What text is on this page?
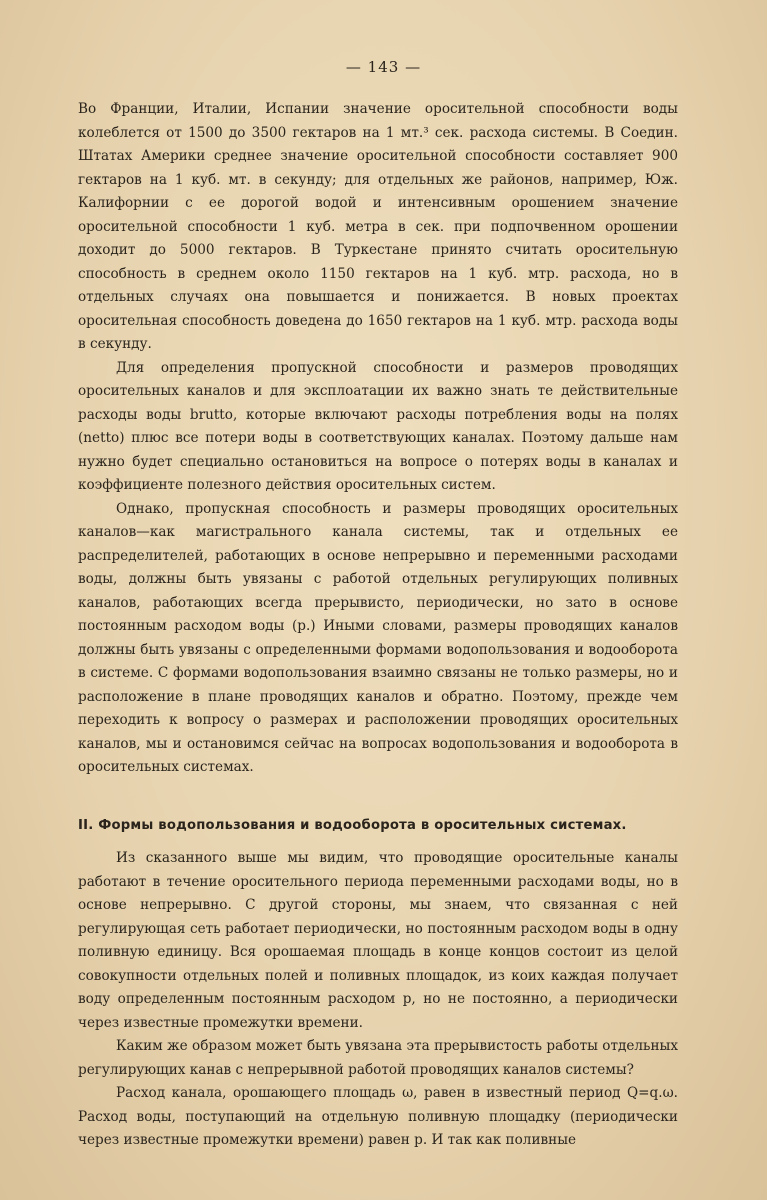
— 143 —

Во Франции, Италии, Испании значение оросительной способности воды колеблется от 1500 до 3500 гектаров на 1 мт.³ сек. расхода системы. В Соедин. Штатах Америки среднее значение оросительной способности составляет 900 гектаров на 1 куб. мт. в секунду; для отдельных же районов, например, Юж. Калифорнии с ее дорогой водой и интенсивным орошением значение оросительной способности 1 куб. метра в сек. при подпочвенном орошении доходит до 5000 гектаров. В Туркестане принято считать оросительную способность в среднем около 1150 гектаров на 1 куб. мтр. расхода, но в отдельных случаях она повышается и понижается. В новых проектах оросительная способность доведена до 1650 гектаров на 1 куб. мтр. расхода воды в секунду.

Для определения пропускной способности и размеров проводящих оросительных каналов и для эксплоатации их важно знать те действительные расходы воды brutto, которые включают расходы потребления воды на полях (netto) плюс все потери воды в соответствующих каналах. Поэтому дальше нам нужно будет специально остановиться на вопросе о потерях воды в каналах и коэффициенте полезного действия оросительных систем.

Однако, пропускная способность и размеры проводящих оросительных каналов—как магистрального канала системы, так и отдельных ее распределителей, работающих в основе непрерывно и переменными расходами воды, должны быть увязаны с работой отдельных регулирующих поливных каналов, работающих всегда прерывисто, периодически, но зато в основе постоянным расходом воды (p.) Иными словами, размеры проводящих каналов должны быть увязаны с определенными формами водопользования и водооборота в системе. С формами водопользования взаимно связаны не только размеры, но и расположение в плане проводящих каналов и обратно. Поэтому, прежде чем переходить к вопросу о размерах и расположении проводящих оросительных каналов, мы и остановимся сейчас на вопросах водопользования и водооборота в оросительных системах.

II. Формы водопользования и водооборота в оросительных системах.

Из сказанного выше мы видим, что проводящие оросительные каналы работают в течение оросительного периода переменными расходами воды, но в основе непрерывно. С другой стороны, мы знаем, что связанная с ней регулирующая сеть работает периодически, но постоянным расходом воды в одну поливную единицу. Вся орошаемая площадь в конце концов состоит из целой совокупности отдельных полей и поливных площадок, из коих каждая получает воду определенным постоянным расходом p, но не постоянно, а периодически через известные промежутки времени.

Каким же образом может быть увязана эта прерывистость работы отдельных регулирующих канав с непрерывной работой проводящих каналов системы?

Расход канала, орошающего площадь ω, равен в известный период Q=q.ω. Расход воды, поступающий на отдельную поливную площадку (периодически через известные промежутки времени) равен p. И так как поливные
